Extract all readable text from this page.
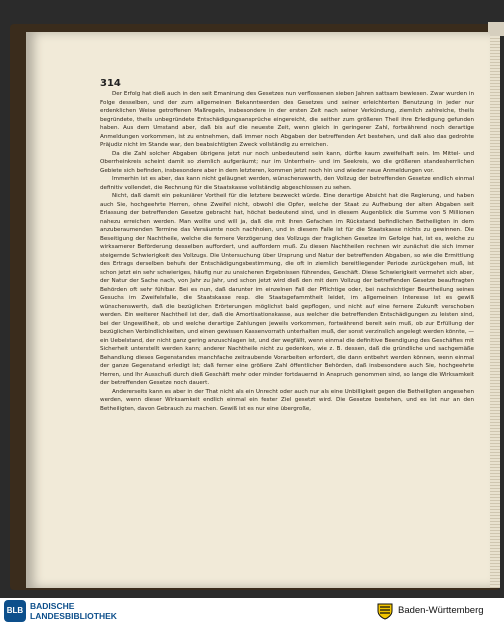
314

Der Erfolg hat dieß auch in den seit Emanirung des Gesetzes nun verflossenen sieben Jahren sattsam bewiesen. Zwar wurden in Folge desselben, und der zum allgemeinen Bekanntwerden des Gesetzes und seiner erleichterten Benutzung in jeder nur erdenklichen Weise getroffenen Maßregeln, insbesondere in der ersten Zeit nach seiner Verkündung, ziemlich zahlreiche, theils begründete, theils unbegründete Entschädigungsansprüche eingereicht, die seither zum größeren Theil ihre Erledigung gefunden haben. Aus dem Umstand aber, daß bis auf die neueste Zeit, wenn gleich in geringerer Zahl, fortwährend noch derartige Anmeldungen vorkommen, ist zu entnehmen, daß immer noch Abgaben der betreffenden Art bestehen, und daß also das gedrohte Präjudiz nicht im Stande war, den beabsichtigten Zweck vollständig zu erreichen.

Da die Zahl solcher Abgaben übrigens jetzt nur noch unbedeutend sein kann, dürfte kaum zweifelhaft sein. Im Mittel- und Oberrheinkreis scheint damit so ziemlich aufgeräumt; nur im Unterrhein- und im Seekreis, wo die größeren standesherrlichen Gebiete sich befinden, insbesondere aber in dem letzteren, kommen jetzt noch hin und wieder neue Anmeldungen vor.

Immerhin ist es aber, das kann nicht geläugnet werden, wünschenswerth, den Vollzug der betreffenden Gesetze endlich einmal definitiv vollendet, die Rechnung für die Staatskasse vollständig abgeschlossen zu sehen.

Nicht, daß damit ein pekuniärer Vortheil für die letztere bezweckt würde. Eine derartige Absicht hat die Regierung, und haben auch Sie, hochgeehrte Herren, ohne Zweifel nicht, obwohl die Opfer, welche der Staat zu Aufhebung der alten Abgaben seit Erlassung der betreffenden Gesetze gebracht hat, höchst bedeutend sind, und in diesem Augenblick die Summe von 5 Millionen nahezu erreichen werden. Man wollte und will ja, daß die mit ihren Gefachen im Rückstand befindlichen Betheiligten in dem anzuberaumenden Termine das Versäumte noch nachholen, und in diesem Falle ist für die Staatskasse nichts zu gewinnen. Die Beseitigung der Nachtheile, welche die fernere Verzögerung des Vollzugs der fraglichen Gesetze im Gefolge hat, ist es, welche zu wirksamerer Beförderung desselben auffordert, und auffordern muß. Zu diesen Nachtheilen rechnen wir zunächst die sich immer steigernde Schwierigkeit des Vollzugs. Die Untersuchung über Ursprung und Natur der betreffenden Abgaben, so wie die Ermittlung des Ertrags derselben behufs der Entschädigungsbestimmung, die oft in ziemlich bereitliegender Periode zurückgehen muß, ist schon jetzt ein sehr schwieriges, häufig nur zu unsicheren Ergebnissen führendes, Geschäft. Diese Schwierigkeit vermehrt sich aber, der Natur der Sache nach, von Jahr zu Jahr, und schon jetzt wird dieß den mit dem Vollzug der betreffenden Gesetze beauftragten Behörden oft sehr fühlbar. Bei es nun, daß darunter im einzelnen Fall der Pflichtige oder, bei nachsichtiger Beurtheilung seines Gesuchs im Zweifelsfalle, die Staatskasse resp. die Staatsgefammtheit leidet, im allgemeinen Interesse ist es gewiß wünschenswerth, daß die bezüglichen Erörterungen möglichst bald gepflogen, und nicht auf eine fernere Zukunft verschoben werden. Ein weiterer Nachtheil ist der, daß die Amortisationskasse, aus welcher die betreffenden Entschädigungen zu leisten sind, bei der Ungewißheit, ob und welche derartige Zahlungen jeweils vorkommen, fortwährend bereit sein muß, ob zur Erfüllung der bezüglichen Verbindlichkeiten, und einen gewissen Kassenvorrath unterhalten muß, der sonst verzinslich angelegt werden könnte, — ein Uebelstand, der nicht ganz gering anzuschlagen ist, und der wegfällt, wenn einmal die definitive Beendigung des Geschäftes mit Sicherheit unterstellt werden kann; anderer Nachtheile nicht zu gedenken, wie z. B. dessen, daß die gründliche und sachgemäße Behandlung dieses Gegenstandes manchfache zeitraubende Vorarbeiten erfordert, die dann entbehrt werden können, wenn einmal der ganze Gegenstand erledigt ist; daß ferner eine größere Zahl öffentlicher Behörden, daß insbesondere auch Sie, hochgeehrte Herren, und Ihr Ausschuß durch dieß Geschäft mehr oder minder fortdauernd in Anspruch genommen sind, so lange die Wirksamkeit der betreffenden Gesetze noch dauert.

Andererseits kann es aber in der That nicht als ein Unrecht oder auch nur als eine Unbilligkeit gegen die Betheiligten angesehen werden, wenn dieser Wirksamkeit endlich einmal ein fester Ziel gesetzt wird. Die Gesetze bestehen, und es ist nur an den Betheiligten, davon Gebrauch zu machen. Gewiß ist es nur eine übergroße,

BLB BADISCHE
LANDESBIBLIOTHEK	Baden-Württemberg
